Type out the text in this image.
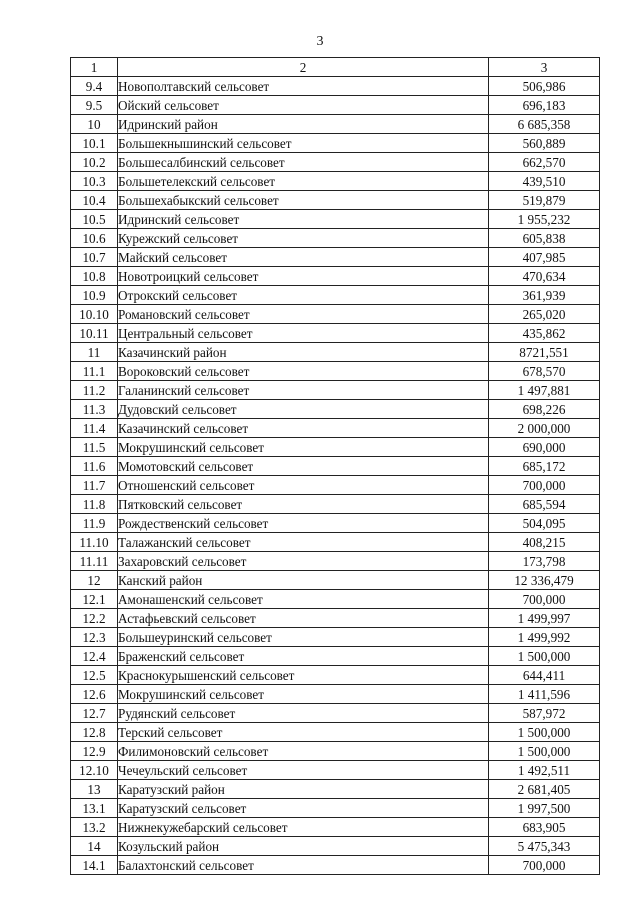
3
1	2	3
9.4	Новополтавский сельсовет	506,986
9.5	Ойский сельсовет	696,183
10	Идринский район	6 685,358
10.1	Большекнышинский сельсовет	560,889
10.2	Большесалбинский сельсовет	662,570
10.3	Большетелекский сельсовет	439,510
10.4	Большехабыкский сельсовет	519,879
10.5	Идринский сельсовет	1 955,232
10.6	Курежский сельсовет	605,838
10.7	Майский сельсовет	407,985
10.8	Новотроицкий сельсовет	470,634
10.9	Отрокский сельсовет	361,939
10.10	Романовский сельсовет	265,020
10.11	Центральный сельсовет	435,862
11	Казачинский район	8721,551
11.1	Вороковский сельсовет	678,570
11.2	Галанинский сельсовет	1 497,881
11.3	Дудовский сельсовет	698,226
11.4	Казачинский сельсовет	2 000,000
11.5	Мокрушинский сельсовет	690,000
11.6	Момотовский сельсовет	685,172
11.7	Отношенский сельсовет	700,000
11.8	Пятковский сельсовет	685,594
11.9	Рождественский сельсовет	504,095
11.10	Талажанский сельсовет	408,215
11.11	Захаровский сельсовет	173,798
12	Канский район	12 336,479
12.1	Амонашенский сельсовет	700,000
12.2	Астафьевский сельсовет	1 499,997
12.3	Большеуринский сельсовет	1 499,992
12.4	Браженский сельсовет	1 500,000
12.5	Краснокурышенский сельсовет	644,411
12.6	Мокрушинский сельсовет	1 411,596
12.7	Рудянский сельсовет	587,972
12.8	Терский сельсовет	1 500,000
12.9	Филимоновский сельсовет	1 500,000
12.10	Чечеульский сельсовет	1 492,511
13	Каратузский район	2 681,405
13.1	Каратузский сельсовет	1 997,500
13.2	Нижнекужебарский сельсовет	683,905
14	Козульский район	5 475,343
14.1	Балахтонский сельсовет	700,000
